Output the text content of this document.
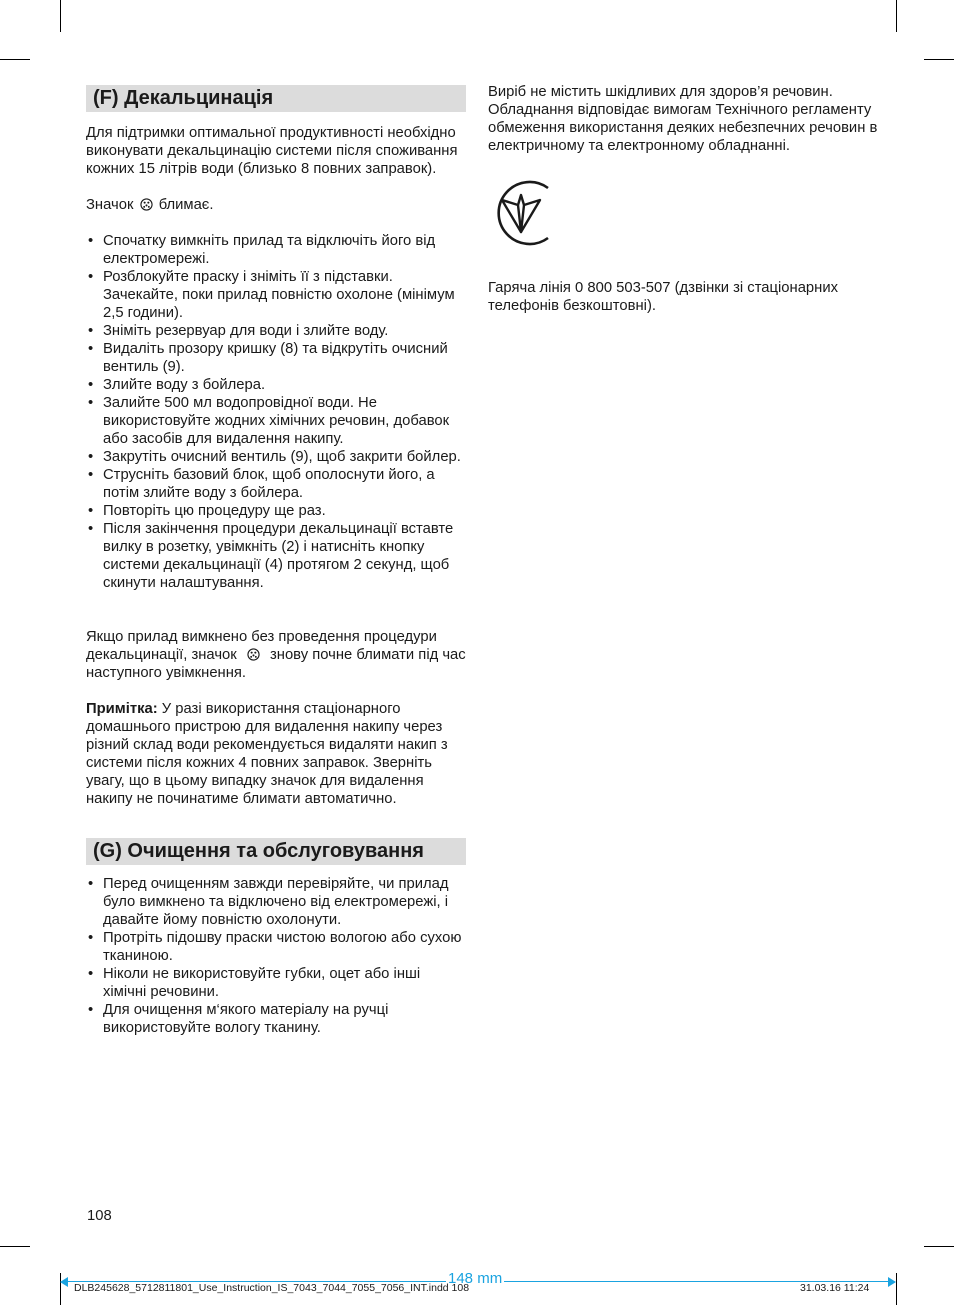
(F) Декальцинація

Для підтримки оптимальної продуктивності необхідно виконувати декальцинацію системи після споживання кожних 15 літрів води (близько 8 повних заправок).

Значок блимає.

• Спочатку вимкніть прилад та відключіть його від електромережі.
• Розблокуйте праску і зніміть її з підставки. Зачекайте, поки прилад повністю охолоне (мінімум 2,5 години).
• Зніміть резервуар для води і злийте воду.
• Видаліть прозору кришку (8) та відкрутіть очисний вентиль (9).
• Злийте воду з бойлера.
• Залийте 500 мл водопровідної води. Не використовуйте жодних хімічних речовин, добавок або засобів для видалення накипу.
• Закрутіть очисний вентиль (9), щоб закрити бойлер.
• Струсніть базовий блок, щоб ополоснути його, а потім злийте воду з бойлера.
• Повторіть цю процедуру ще раз.
• Після закінчення процедури декальцинації вставте вилку в розетку, увімкніть (2) і натисніть кнопку системи декальцинації (4) протягом 2 секунд, щоб скинути налаштування.

Якщо прилад вимкнено без проведення процедури декальцинації, значок знову почне блимати під час наступного увімкнення.

Примітка: У разі використання стаціонарного домашнього пристрою для видалення накипу через різний склад води рекомендується видаляти накип з системи після кожних 4 повних заправок. Зверніть увагу, що в цьому випадку значок для видалення накипу не починатиме блимати автоматично.

(G) Очищення та обслуговування
• Перед очищенням завжди перевіряйте, чи прилад було вимкнено та відключено від електромережі, і давайте йому повністю охолонути.
• Протріть підошву праски чистою вологою або сухою тканиною.
• Ніколи не використовуйте губки, оцет або інші хімічні речовини.
• Для очищення м‘якого матеріалу на ручці використовуйте вологу тканину.

Виріб не містить шкідливих для здоров’я речовин. Обладнання відповідає вимогам Технічного регламенту обмеження використання деяких небезпечних речовин в електричному та електронному обладнанні.

Гаряча лінія 0 800 503-507 (дзвінки зі стаціонарних телефонів безкоштовні).

108
148 mm
DLB245628_5712811801_Use_Instruction_IS_7043_7044_7055_7056_INT.indd 108	31.03.16 11:24
